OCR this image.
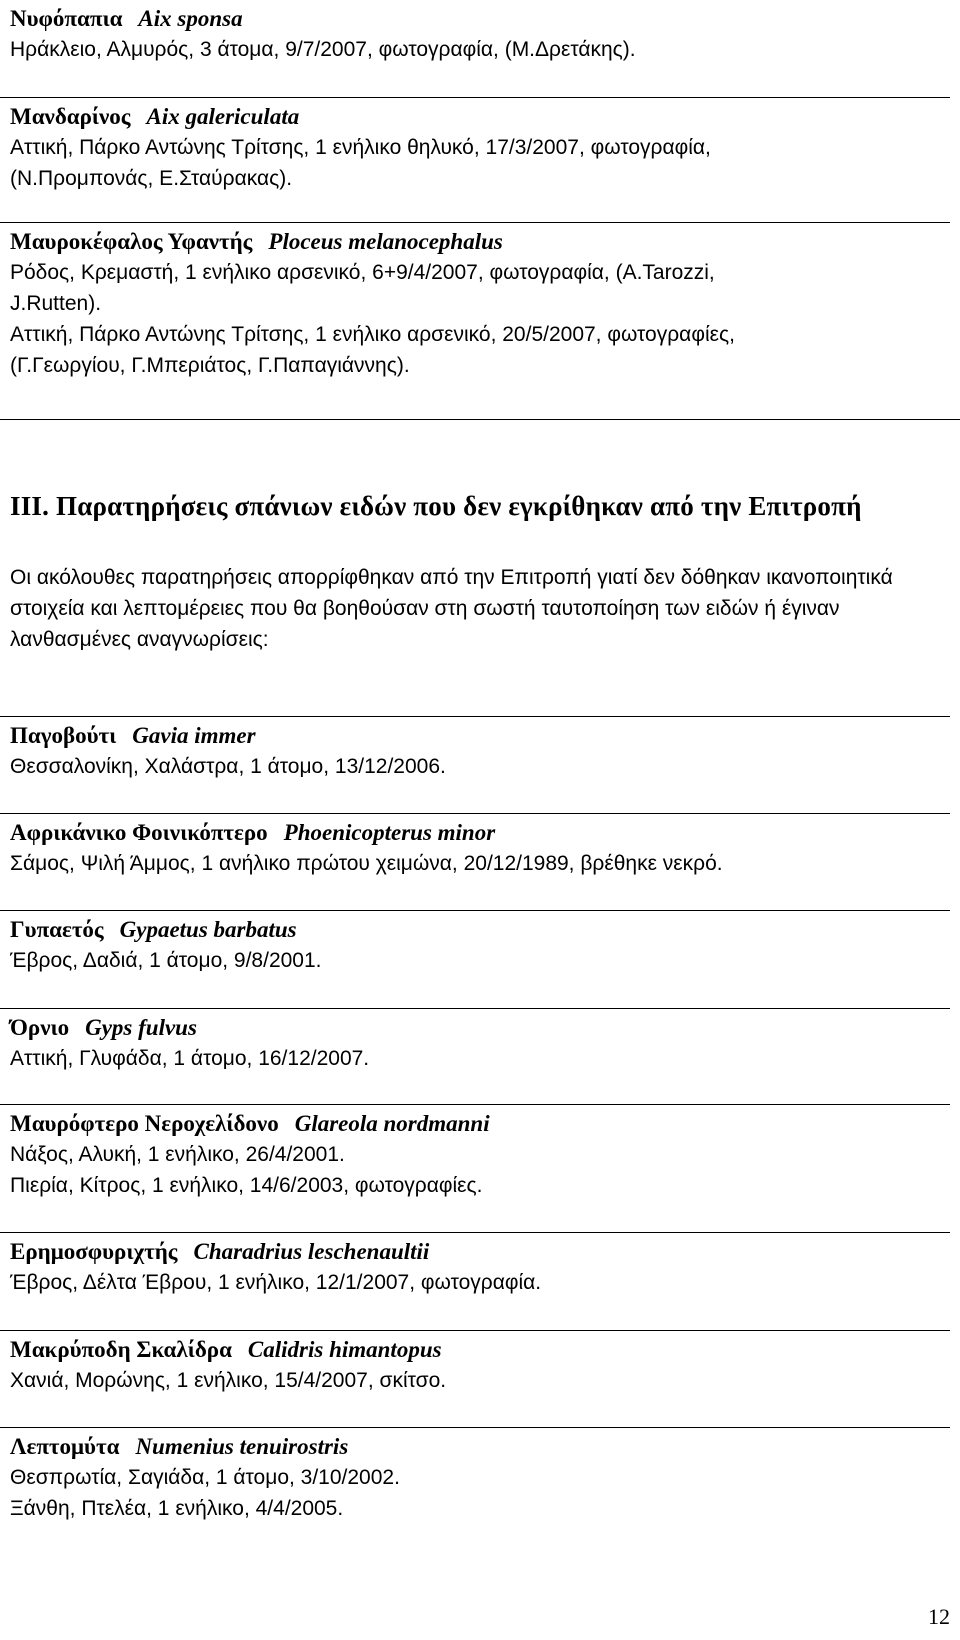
Νυφόπαπια Aix sponsa
Ηράκλειο, Αλμυρός, 3 άτομα, 9/7/2007, φωτογραφία, (Μ.Δρετάκης).
Μανδαρίνος Aix galericulata
Αττική, Πάρκο Αντώνης Τρίτσης, 1 ενήλικο θηλυκό, 17/3/2007, φωτογραφία,
(Ν.Προμπονάς, Ε.Σταύρακας).
Μαυροκέφαλος Υφαντής Ploceus melanocephalus
Ρόδος, Κρεμαστή, 1 ενήλικο αρσενικό, 6+9/4/2007, φωτογραφία, (A.Tarozzi,
J.Rutten).
Αττική, Πάρκο Αντώνης Τρίτσης, 1 ενήλικο αρσενικό, 20/5/2007, φωτογραφίες,
(Γ.Γεωργίου, Γ.Μπεριάτος, Γ.Παπαγιάννης).
III. Παρατηρήσεις σπάνιων ειδών που δεν εγκρίθηκαν από την Επιτροπή
Οι ακόλουθες παρατηρήσεις απορρίφθηκαν από την Επιτροπή γιατί δεν δόθηκαν ικανοποιητικά στοιχεία και λεπτομέρειες που θα βοηθούσαν στη σωστή ταυτοποίηση των ειδών ή έγιναν λανθασμένες αναγνωρίσεις:
Παγοβούτι Gavia immer
Θεσσαλονίκη, Χαλάστρα, 1 άτομο, 13/12/2006.
Αφρικάνικο Φοινικόπτερο Phoenicopterus minor
Σάμος, Ψιλή Άμμος, 1 ανήλικο πρώτου χειμώνα, 20/12/1989, βρέθηκε νεκρό.
Γυπαετός Gypaetus barbatus
Έβρος, Δαδιά, 1 άτομο, 9/8/2001.
Όρνιο Gyps fulvus
Αττική, Γλυφάδα, 1 άτομο, 16/12/2007.
Μαυρόφτερο Νεροχελίδονο Glareola nordmanni
Νάξος, Αλυκή, 1 ενήλικο, 26/4/2001.
Πιερία, Κίτρος, 1 ενήλικο, 14/6/2003, φωτογραφίες.
Ερημοσφυριχτής Charadrius leschenaultii
Έβρος, Δέλτα Έβρου, 1 ενήλικο, 12/1/2007, φωτογραφία.
Μακρύποδη Σκαλίδρα Calidris himantopus
Χανιά, Μορώνης, 1 ενήλικο, 15/4/2007, σκίτσο.
Λεπτομύτα Numenius tenuirostris
Θεσπρωτία, Σαγιάδα, 1 άτομο, 3/10/2002.
Ξάνθη, Πτελέα, 1 ενήλικο, 4/4/2005.
12
